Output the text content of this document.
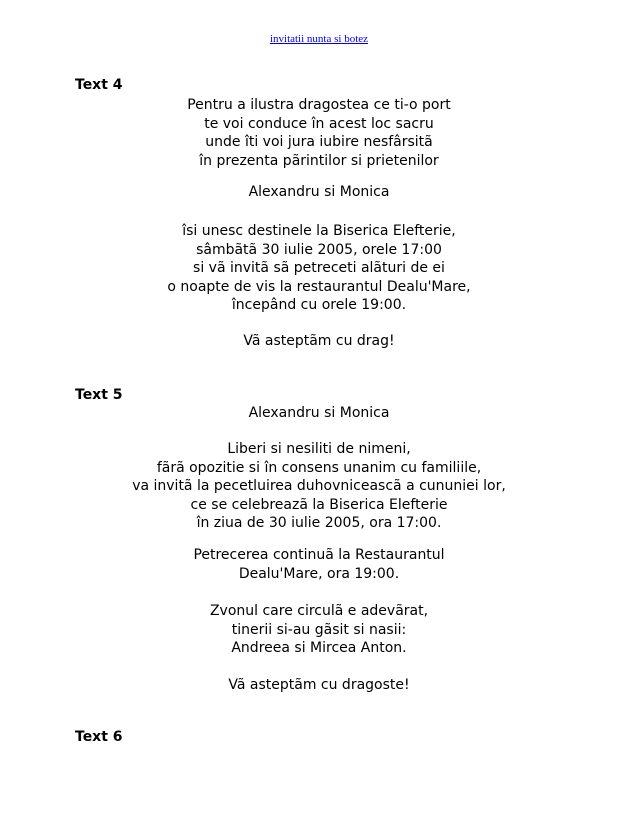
invitatii nunta si botez
Text 4
Pentru a ilustra dragostea ce ti-o port
te voi conduce în acest loc sacru
unde îti voi jura iubire nesfârsitã
în prezenta pãrintilor si prietenilor
Alexandru si Monica
îsi unesc destinele la Biserica Elefterie,
sâmbãtã 30 iulie 2005, orele 17:00
si vã invitã sã petreceti alãturi de ei
o noapte de vis la restaurantul Dealu'Mare,
începând cu orele 19:00.
Vã asteptãm cu drag!
Text 5
Alexandru si Monica
Liberi si nesiliti de nimeni,
fãrã opozitie si în consens unanim cu familiile,
va invitã la pecetluirea duhovniceascã a cununiei lor,
ce se celebreazã la Biserica Elefterie
în ziua de 30 iulie 2005, ora 17:00.
Petrecerea continuã la Restaurantul
Dealu'Mare, ora 19:00.
Zvonul care circulã e adevãrat,
tinerii si-au gãsit si nasii:
Andreea si Mircea Anton.
Vã asteptãm cu dragoste!
Text 6
